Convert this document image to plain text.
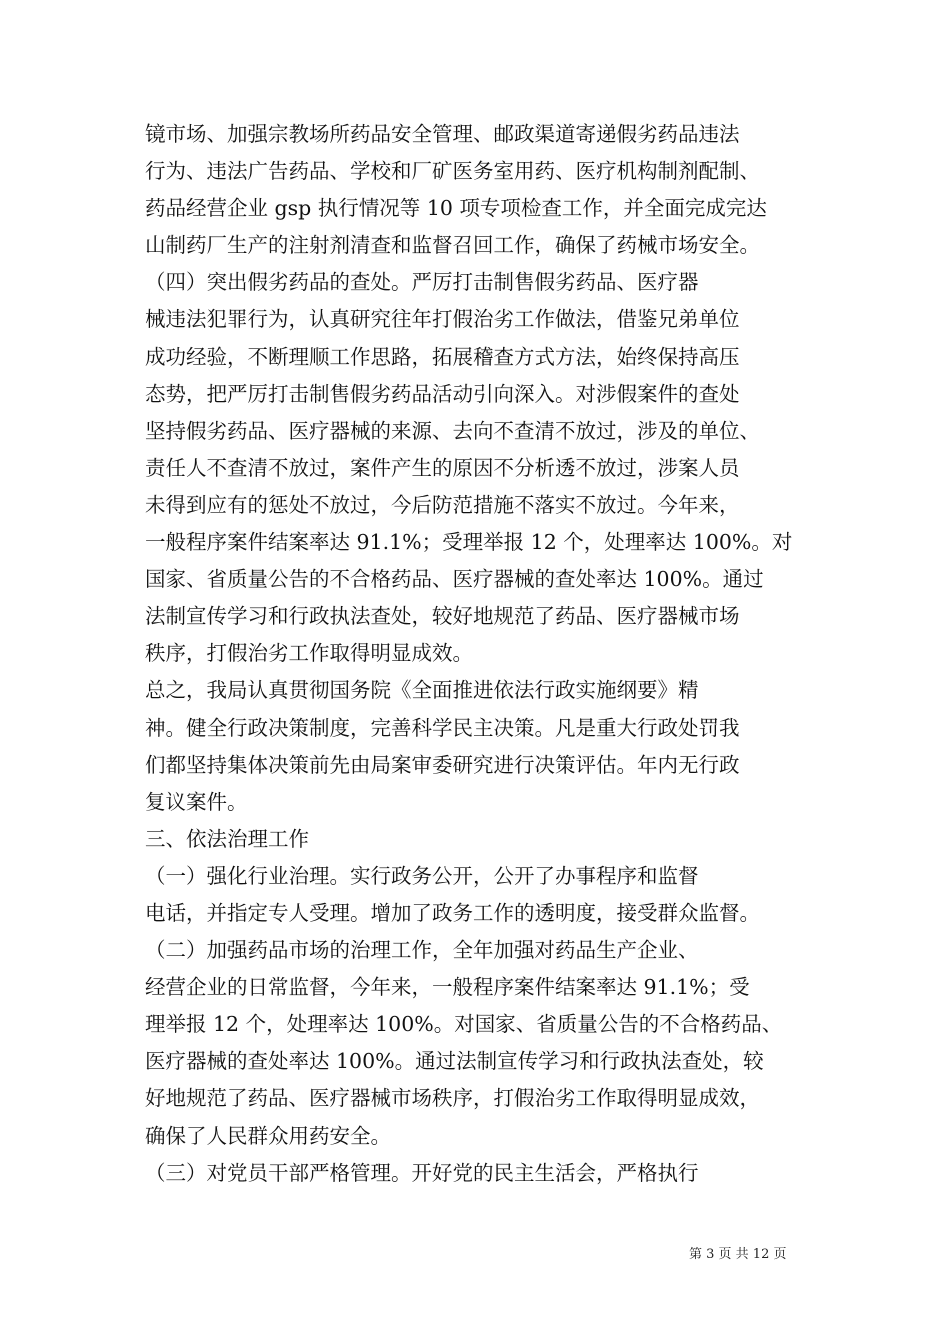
镜市场、加强宗教场所药品安全管理、邮政渠道寄递假劣药品违法
行为、违法广告药品、学校和厂矿医务室用药、医疗机构制剂配制、
药品经营企业 gsp 执行情况等 10 项专项检查工作，并全面完成完达
山制药厂生产的注射剂清查和监督召回工作，确保了药械市场安全。
（四）突出假劣药品的查处。严厉打击制售假劣药品、医疗器
械违法犯罪行为，认真研究往年打假治劣工作做法，借鉴兄弟单位
成功经验，不断理顺工作思路，拓展稽查方式方法，始终保持高压
态势，把严厉打击制售假劣药品活动引向深入。对涉假案件的查处
坚持假劣药品、医疗器械的来源、去向不查清不放过，涉及的单位、
责任人不查清不放过，案件产生的原因不分析透不放过，涉案人员
未得到应有的惩处不放过，今后防范措施不落实不放过。今年来，
一般程序案件结案率达 91.1%；受理举报 12 个，处理率达 100%。对
国家、省质量公告的不合格药品、医疗器械的查处率达 100%。通过
法制宣传学习和行政执法查处，较好地规范了药品、医疗器械市场
秩序，打假治劣工作取得明显成效。
总之，我局认真贯彻国务院《全面推进依法行政实施纲要》精
神。健全行政决策制度，完善科学民主决策。凡是重大行政处罚我
们都坚持集体决策前先由局案审委研究进行决策评估。年内无行政
复议案件。
三、依法治理工作
（一）强化行业治理。实行政务公开，公开了办事程序和监督
电话，并指定专人受理。增加了政务工作的透明度，接受群众监督。
（二）加强药品市场的治理工作，全年加强对药品生产企业、
经营企业的日常监督，今年来，一般程序案件结案率达 91.1%；受
理举报 12 个，处理率达 100%。对国家、省质量公告的不合格药品、
医疗器械的查处率达 100%。通过法制宣传学习和行政执法查处，较
好地规范了药品、医疗器械市场秩序，打假治劣工作取得明显成效，
确保了人民群众用药安全。
（三）对党员干部严格管理。开好党的民主生活会，严格执行
第 3 页 共 12 页
